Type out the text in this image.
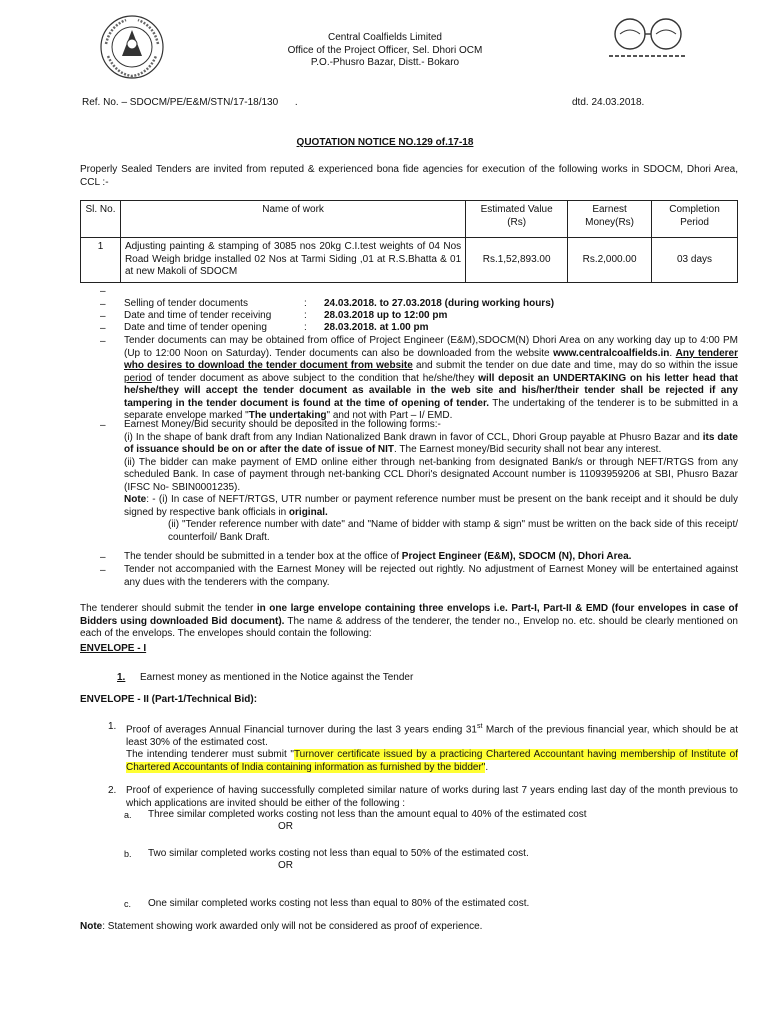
Central Coalfields Limited
Office of the Project Officer, Sel. Dhori OCM
P.O.-Phusro Bazar, Distt.- Bokaro
Ref. No. – SDOCM/PE/E&M/STN/17-18/130      .	dtd. 24.03.2018.
QUOTATION NOTICE NO.129 of.17-18
Properly Sealed Tenders are invited from reputed & experienced bona fide agencies for execution of the following works in SDOCM, Dhori Area, CCL :-
Sl. No.	Name of work	Estimated Value (Rs)	Earnest Money(Rs)	Completion Period
1	Adjusting painting & stamping of 3085 nos 20kg C.I.test weights of 04 Nos Road Weigh bridge installed 02 Nos at Tarmi Siding ,01 at R.S.Bhatta & 01 at new Makoli of SDOCM	Rs.1,52,893.00	Rs.2,000.00	03 days
–
–
–
–
–
–
–
–
Selling of tender documents	: 24.03.2018. to 27.03.2018 (during working hours)
Date and time of tender receiving	: 28.03.2018 up to 12:00 pm
Date and time of tender opening	: 28.03.2018. at 1.00 pm
Tender documents can may be obtained from office of Project Engineer (E&M),SDOCM(N) Dhori Area on any working day up to 4:00 PM (Up to 12:00 Noon on Saturday). Tender documents can also be downloaded from the website www.centralcoalfields.in. Any tenderer who desires to download the tender document from website and submit the tender on due date and time, may do so within the issue period of tender document as above subject to the condition that he/she/they will deposit an UNDERTAKING on his letter head that he/she/they will accept the tender document as available in the web site and his/her/their tender shall be rejected if any tampering in the tender document is found at the time of opening of tender. The undertaking of the tenderer is to be submitted in a separate envelope marked "The undertaking" and not with Part – I/ EMD.
Earnest Money/Bid security should be deposited in the following forms:-
(i) In the shape of bank draft from any Indian Nationalized Bank drawn in favor of CCL, Dhori Group payable at Phusro Bazar and its date of issuance should be on or after the date of issue of NIT. The Earnest money/Bid security shall not bear any interest.
(ii) The bidder can make payment of EMD online either through net-banking from designated Bank/s or through NEFT/RTGS from any scheduled Bank. In case of payment through net-banking CCL Dhori's designated Account number is 11093959206 at SBI, Phusro Bazar (IFSC No- SBIN0001235).
Note: - (i) In case of NEFT/RTGS, UTR number or payment reference number must be present on the bank receipt and it should be duly signed by respective bank officials in original.
(ii) "Tender reference number with date" and "Name of bidder with stamp & sign" must be written on the back side of this receipt/ counterfoil/ Bank Draft.
The tender should be submitted in a tender box at the office of Project Engineer (E&M), SDOCM (N), Dhori Area.
Tender not accompanied with the Earnest Money will be rejected out rightly. No adjustment of Earnest Money will be entertained against any dues with the tenderers with the company.
The tenderer should submit the tender in one large envelope containing three envelops i.e. Part-I, Part-II & EMD (four envelopes in case of Bidders using downloaded Bid document). The name & address of the tenderer, the tender no., Envelop no. etc. should be clearly mentioned on each of the envelops. The envelopes should contain the following:
ENVELOPE - I
1. Earnest money as mentioned in the Notice against the Tender
ENVELOPE - II (Part-1/Technical Bid):
1. Proof of averages Annual Financial turnover during the last 3 years ending 31st March of the previous financial year, which should be at least 30% of the estimated cost.
The intending tenderer must submit "Turnover certificate issued by a practicing Chartered Accountant having membership of Institute of Chartered Accountants of India containing information as furnished by the bidder".
2. Proof of experience of having successfully completed similar nature of works during last 7 years ending last day of the month previous to which applications are invited should be either of the following :
a. Three similar completed works costing not less than the amount equal to 40% of the estimated cost
OR
b. Two similar completed works costing not less than equal to 50% of the estimated cost.
OR
c. One similar completed works costing not less than equal to 80% of the estimated cost.
Note: Statement showing work awarded only will not be considered as proof of experience.
